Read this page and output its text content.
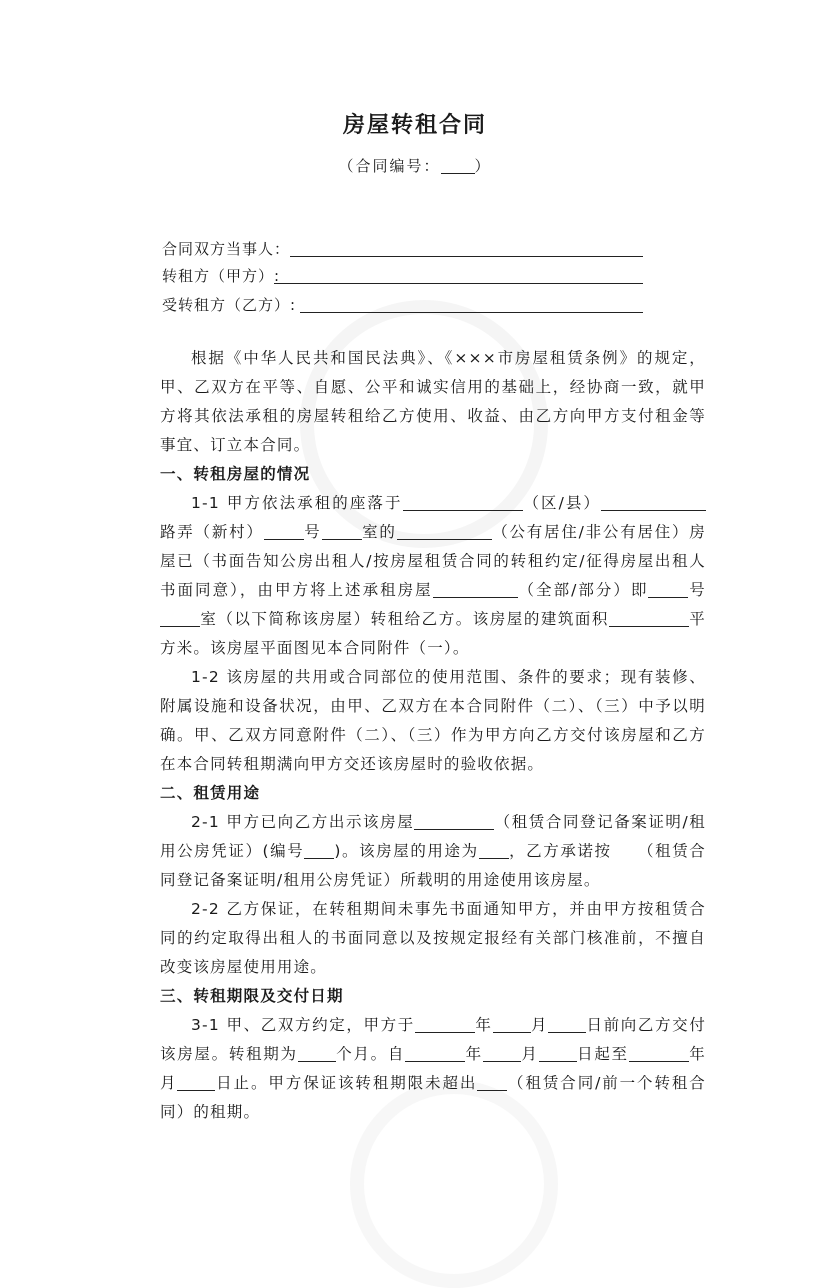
房屋转租合同
（合同编号： ）
合同双方当事人：
转租方（甲方）:
受转租方（乙方）:

根据《中华人民共和国民法典》、《×××市房屋租赁条例》的规定，甲、乙双方在平等、自愿、公平和诚实信用的基础上，经协商一致，就甲方将其依法承租的房屋转租给乙方使用、收益、由乙方向甲方支付租金等事宜、订立本合同。

一、转租房屋的情况

1-1 甲方依法承租的座落于	（区/县）路弄（新村）	号	室的	（公有居住/非公有居住）房屋已（书面告知公房出租人/按房屋租赁合同的转租约定/征得房屋出租人书面同意），由甲方将上述承租房屋	（全部/部分）即	号室（以下简称该房屋）转租给乙方。该房屋的建筑面积	平方米。该房屋平面图见本合同附件（一）。

1-2 该房屋的共用或合同部位的使用范围、条件的要求；现有装修、附属设施和设备状况，由甲、乙双方在本合同附件（二）、（三）中予以明确。甲、乙双方同意附件（二）、（三）作为甲方向乙方交付该房屋和乙方在本合同转租期满向甲方交还该房屋时的验收依据。

二、租赁用途

2-1 甲方已向乙方出示该房屋	（租赁合同登记备案证明/租用公房凭证）(编号 )。该房屋的用途为 ，乙方承诺按　　（租赁合同登记备案证明/租用公房凭证）所载明的用途使用该房屋。

2-2 乙方保证，在转租期间未事先书面通知甲方，并由甲方按租赁合同的约定取得出租人的书面同意以及按规定报经有关部门核准前，不擅自改变该房屋使用用途。

三、转租期限及交付日期

3-1 甲、乙双方约定，甲方于	年 月 日前向乙方交付该房屋。转租期为 个月。自	年 月 日起至	年月 日止。甲方保证该转租期限未超出 （租赁合同/前一个转租合同）的租期。
